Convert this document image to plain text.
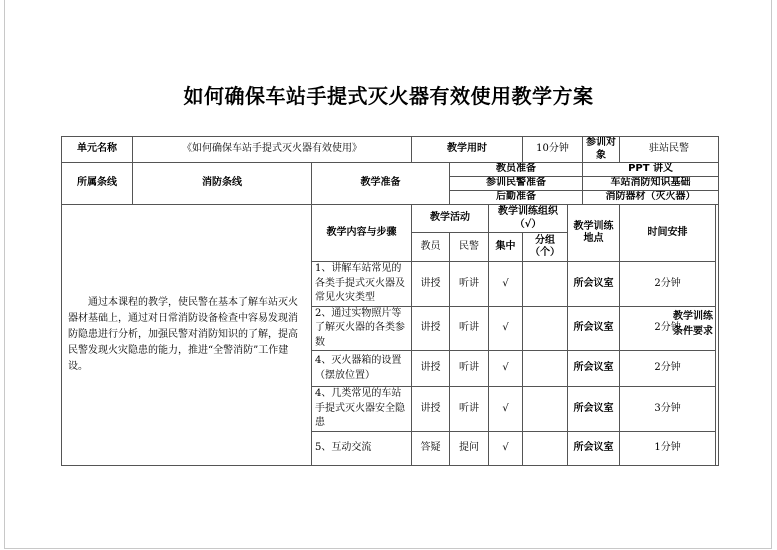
如何确保车站手提式灭火器有效使用教学方案
单元名称	《如何确保车站手提式灭火器有效使用》		教学用时			10分钟		参训对象	驻站民警	
所属条线	消防条线	教学准备		教员准备				PPT 讲义		
				参训民警准备				车站消防知识基础		
				后勤准备				消防器材（灭火器）		
通过本课程的教学，使民警在基本了解车站灭火器材基础上，通过对日常消防设备检查中容易发现消防隐患进行分析，加强民警对消防知识的了解，提高民警发现火灾隐患的能力，推进“全警消防”工作建设。		教学内容与步骤	教学活动		教学训练组织（√）		教学训练地点		时间安排	
			教员	民警	集中	分组（个）				
		1、讲解车站常见的各类手提式灭火器及常见火灾类型	讲授	听讲	√		所会议室		2分钟	
		2、通过实物照片等了解灭火器的各类参数	讲授	听讲	√		所会议室		2分钟	
		4、灭火器箱的设置（摆放位置）	讲授	听讲	√		所会议室		2分钟	
		4、几类常见的车站手提式灭火器安全隐患	讲授	听讲	√		所会议室		3分钟	
		5、互动交流	答疑	提问	√		所会议室		1分钟	
教学训练条件要求
